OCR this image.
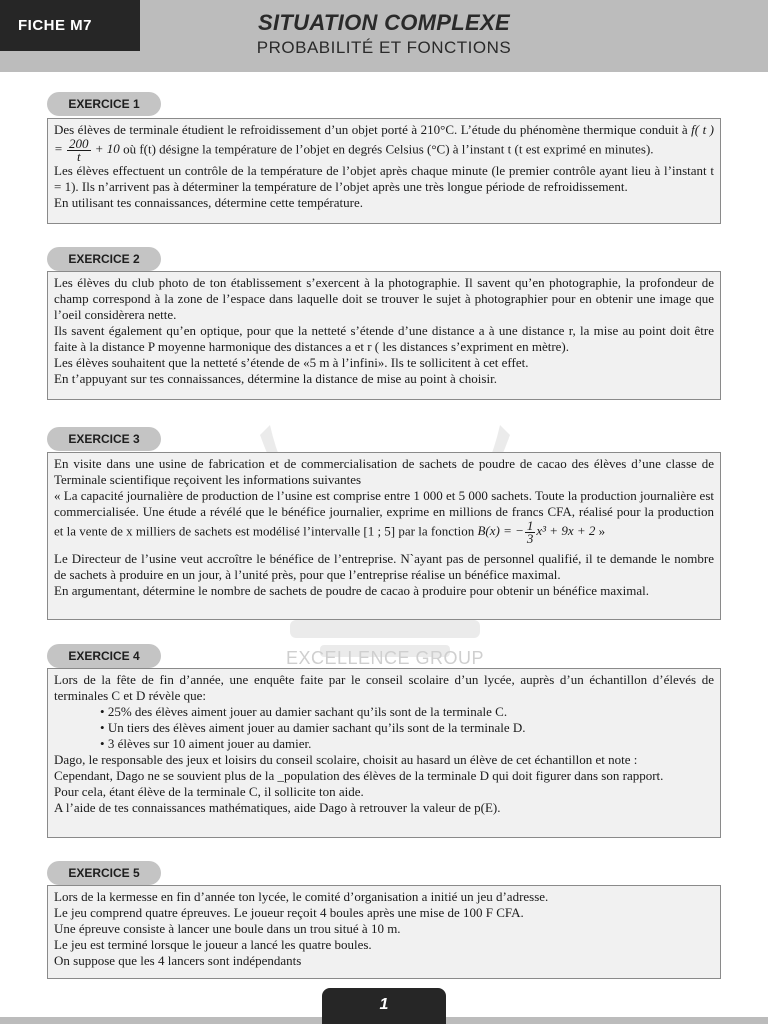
FICHE M7	SITUATION COMPLEXE
PROBABILITÉ ET FONCTIONS
EXCELLENCE GROUP
EXERCICE 1

Des élèves de terminale étudient le refroidissement d’un objet porté à 210°C. L’étude du phénomène thermique conduit à f( t ) = $\frac{200}{t} + 10$ où f(t) désigne la température de l’objet en degrés Celsius (°C) à l’instant t (t est exprimé en minutes).

Les élèves effectuent un contrôle de la température de l’objet après chaque minute (le premier contrôle ayant lieu à l’instant t = 1). Ils n’arrivent pas à déterminer la température de l’objet après une très longue période de refroidissement.

En utilisant tes connaissances, détermine cette température.

EXERCICE 2

Les élèves du club photo de ton établissement s’exercent à la photographie. Il savent qu’en photographie, la profondeur de champ correspond à la zone de l’espace dans laquelle doit se trouver le sujet à photographier pour en obtenir une image que l’oeil considèrera nette.

Ils savent également qu’en optique, pour que la netteté s’étende d’une distance a à une distance r, la mise au point doit être faite à la distance P moyenne harmonique des distances a et r ( les distances s’expriment en mètre).

Les élèves souhaitent que la netteté s’étende de «5 m à l’infini». Ils te sollicitent à cet effet.

En t’appuyant sur tes connaissances, détermine la distance de mise au point à choisir.

EXERCICE 3

En visite dans une usine de fabrication et de commercialisation de sachets de poudre de cacao des élèves d’une classe de Terminale scientifique reçoivent les informations suivantes

« La capacité journalière de production de l’usine est comprise entre 1 000 et 5 000 sachets. Toute la production journalière est commercialisée. Une étude a révélé que le bénéfice journalier, exprime en millions de francs CFA, réalisé pour la production et la vente de x milliers de sachets est modélisé l’intervalle [1 ; 5] par la fonction B(x) = − $\frac{1}{3} x^3 + 9x + 2$ »

Le Directeur de l’usine veut accroître le bénéfice de l’entreprise. N`ayant pas de personnel qualifié, il te demande le nombre de sachets à produire en un jour, à l’unité près, pour que l’entreprise réalise un bénéfice maximal.

En argumentant, détermine le nombre de sachets de poudre de cacao à produire pour obtenir un bénéfice maximal.

EXERCICE 4

Lors de la fête de fin d’année, une enquête faite par le conseil scolaire d’un lycée, auprès d’un échantillon d’élevés de terminales C et D révèle que:

• 25% des élèves aiment jouer au damier sachant qu’ils sont de la terminale C.
• Un tiers des élèves aiment jouer au damier sachant qu’ils sont de la terminale D.
• 3 élèves sur 10 aiment jouer au damier.

Dago, le responsable des jeux et loisirs du conseil scolaire, choisit au hasard un élève de cet échantillon et note :

Cependant, Dago ne se souvient plus de la _population des élèves de la terminale D qui doit figurer dans son rapport.

Pour cela, étant élève de la terminale C, il sollicite ton aide.

A l’aide de tes connaissances mathématiques, aide Dago à retrouver la valeur de p(E).

EXERCICE 5

Lors de la kermesse en fin d’année ton lycée, le comité d’organisation a initié un jeu d’adresse.

Le jeu comprend quatre épreuves. Le joueur reçoit 4 boules après une mise de 100 F CFA.

Une épreuve consiste à lancer une boule dans un trou situé à 10 m.

Le jeu est terminé lorsque le joueur a lancé les quatre boules.

On suppose que les 4 lancers sont indépendants

1
